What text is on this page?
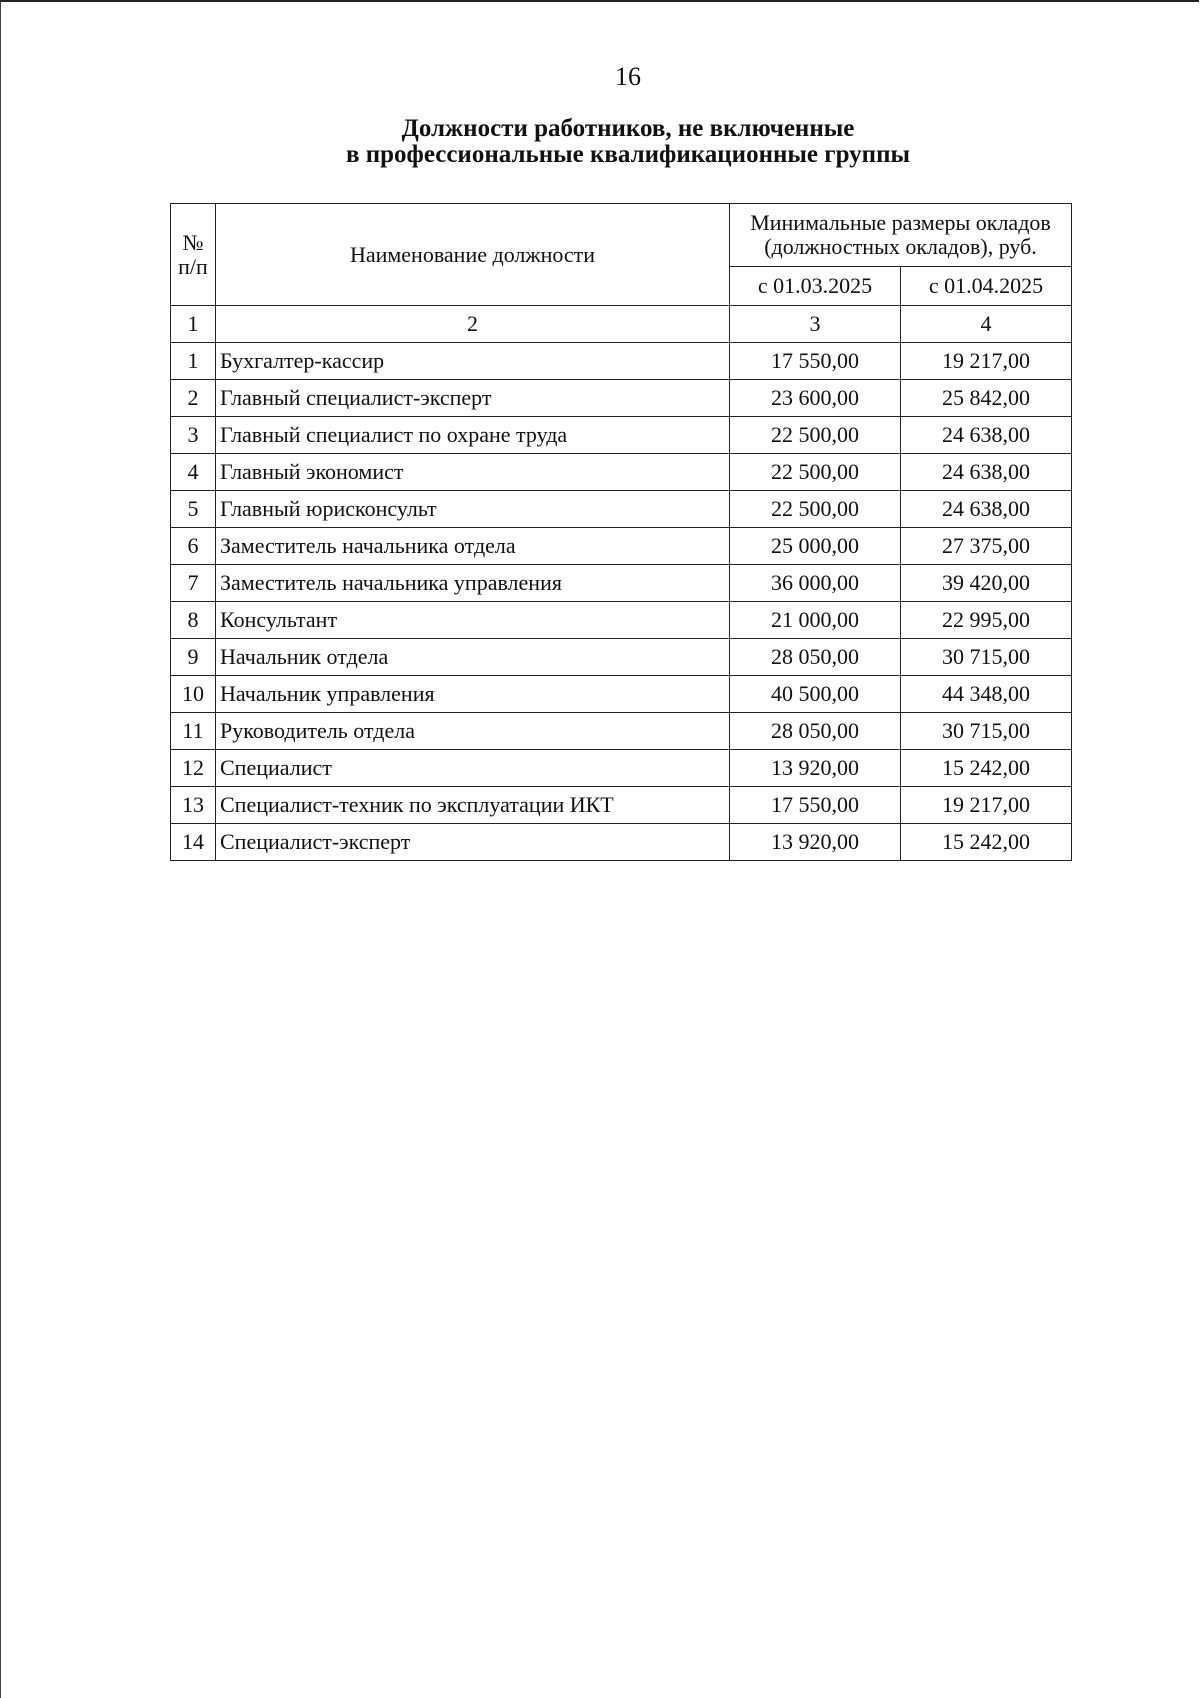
16
Должности работников, не включенные
в профессиональные квалификационные группы
№ п/п	Наименование должности	Минимальные размеры окладов (должностных окладов), руб.	
		с 01.03.2025	с 01.04.2025
1	2	3	4
1	Бухгалтер-кассир	17 550,00	19 217,00
2	Главный специалист-эксперт	23 600,00	25 842,00
3	Главный специалист по охране труда	22 500,00	24 638,00
4	Главный экономист	22 500,00	24 638,00
5	Главный юрисконсульт	22 500,00	24 638,00
6	Заместитель начальника отдела	25 000,00	27 375,00
7	Заместитель начальника управления	36 000,00	39 420,00
8	Консультант	21 000,00	22 995,00
9	Начальник отдела	28 050,00	30 715,00
10	Начальник управления	40 500,00	44 348,00
11	Руководитель отдела	28 050,00	30 715,00
12	Специалист	13 920,00	15 242,00
13	Специалист-техник по эксплуатации ИКТ	17 550,00	19 217,00
14	Специалист-эксперт	13 920,00	15 242,00
